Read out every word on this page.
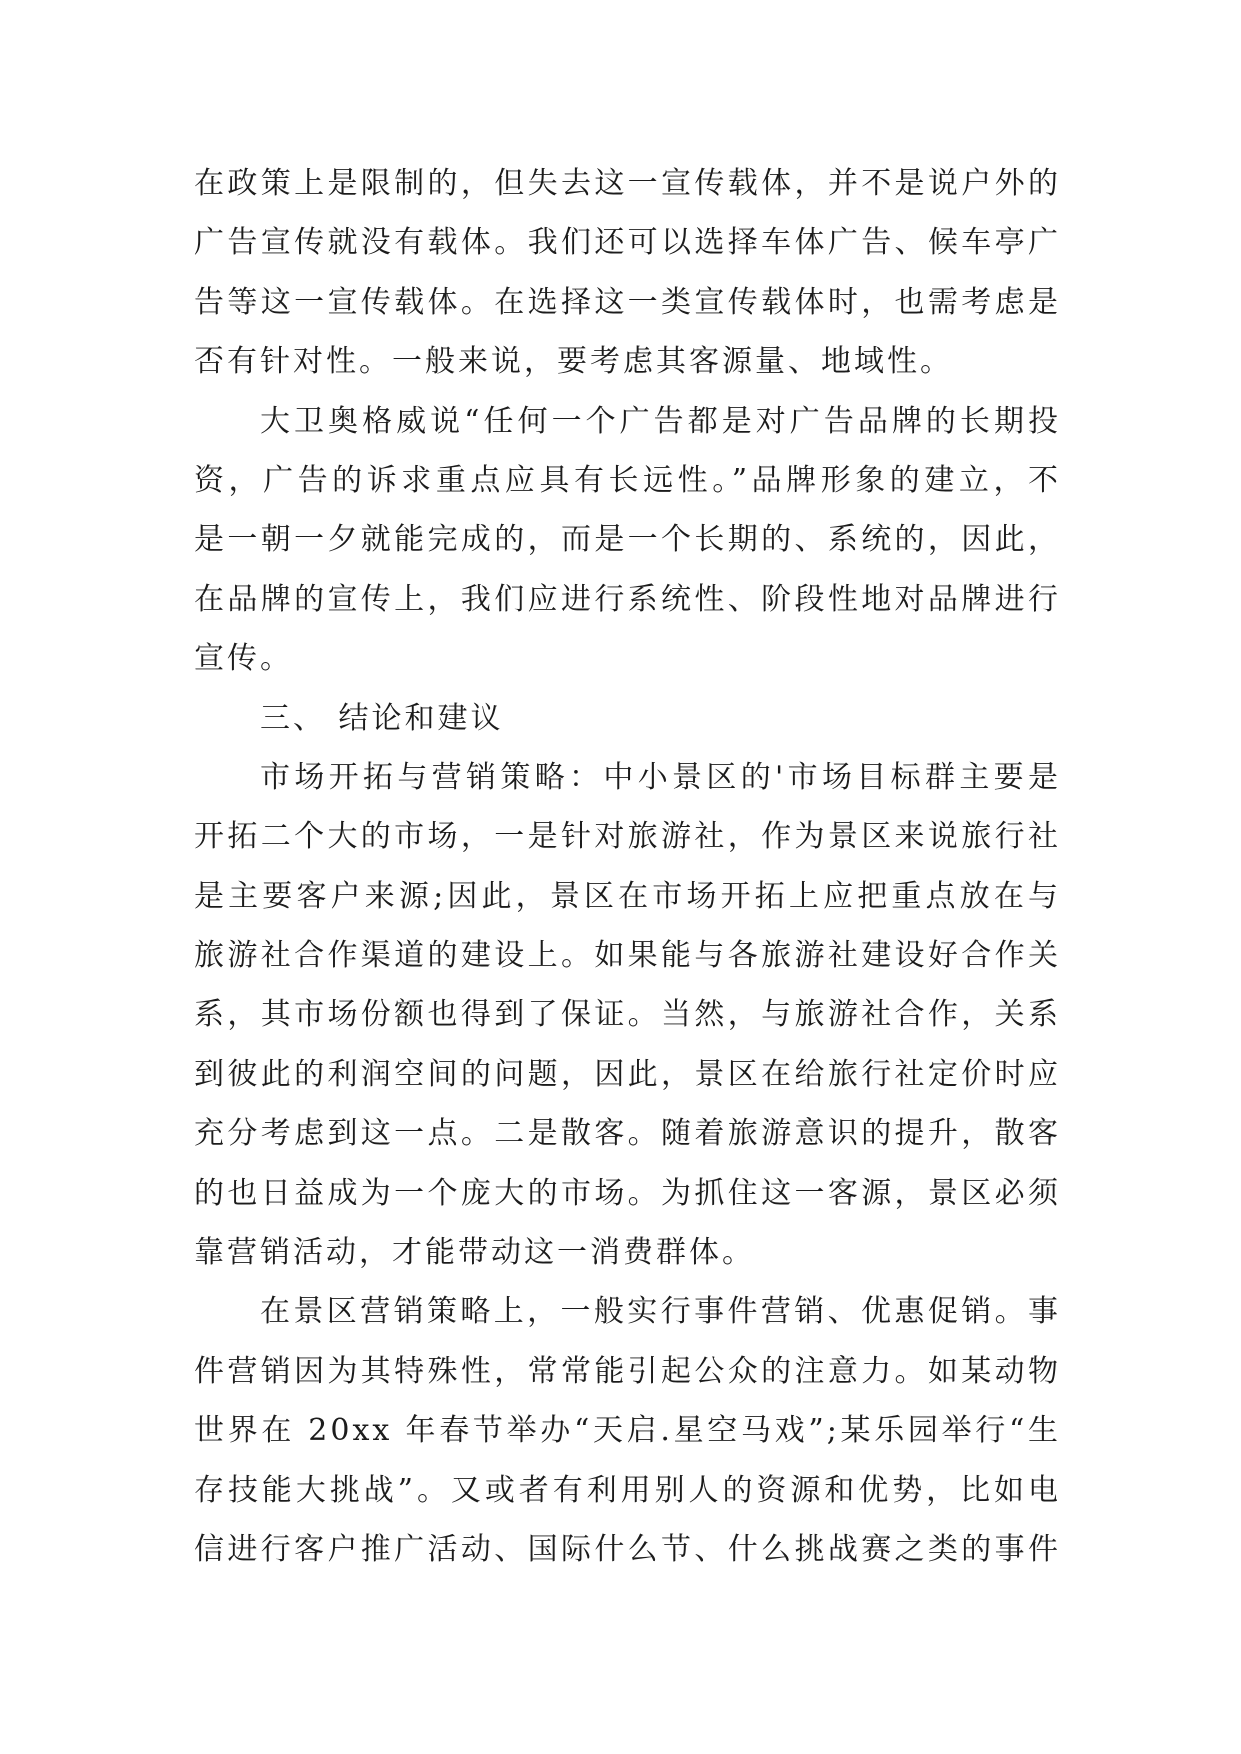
在政策上是限制的，但失去这一宣传载体，并不是说户外的
广告宣传就没有载体。我们还可以选择车体广告、候车亭广
告等这一宣传载体。在选择这一类宣传载体时，也需考虑是
否有针对性。一般来说，要考虑其客源量、地域性。
大卫奥格威说“任何一个广告都是对广告品牌的长期投
资，广告的诉求重点应具有长远性。”品牌形象的建立，不
是一朝一夕就能完成的，而是一个长期的、系统的，因此，
在品牌的宣传上，我们应进行系统性、阶段性地对品牌进行
宣传。
三、 结论和建议
市场开拓与营销策略：中小景区的'市场目标群主要是
开拓二个大的市场，一是针对旅游社，作为景区来说旅行社
是主要客户来源;因此，景区在市场开拓上应把重点放在与
旅游社合作渠道的建设上。如果能与各旅游社建设好合作关
系，其市场份额也得到了保证。当然，与旅游社合作，关系
到彼此的利润空间的问题，因此，景区在给旅行社定价时应
充分考虑到这一点。二是散客。随着旅游意识的提升，散客
的也日益成为一个庞大的市场。为抓住这一客源，景区必须
靠营销活动，才能带动这一消费群体。
在景区营销策略上，一般实行事件营销、优惠促销。事
件营销因为其特殊性，常常能引起公众的注意力。如某动物
世界在 20xx 年春节举办“天启.星空马戏”;某乐园举行“生
存技能大挑战”。又或者有利用别人的资源和优势，比如电
信进行客户推广活动、国际什么节、什么挑战赛之类的事件
